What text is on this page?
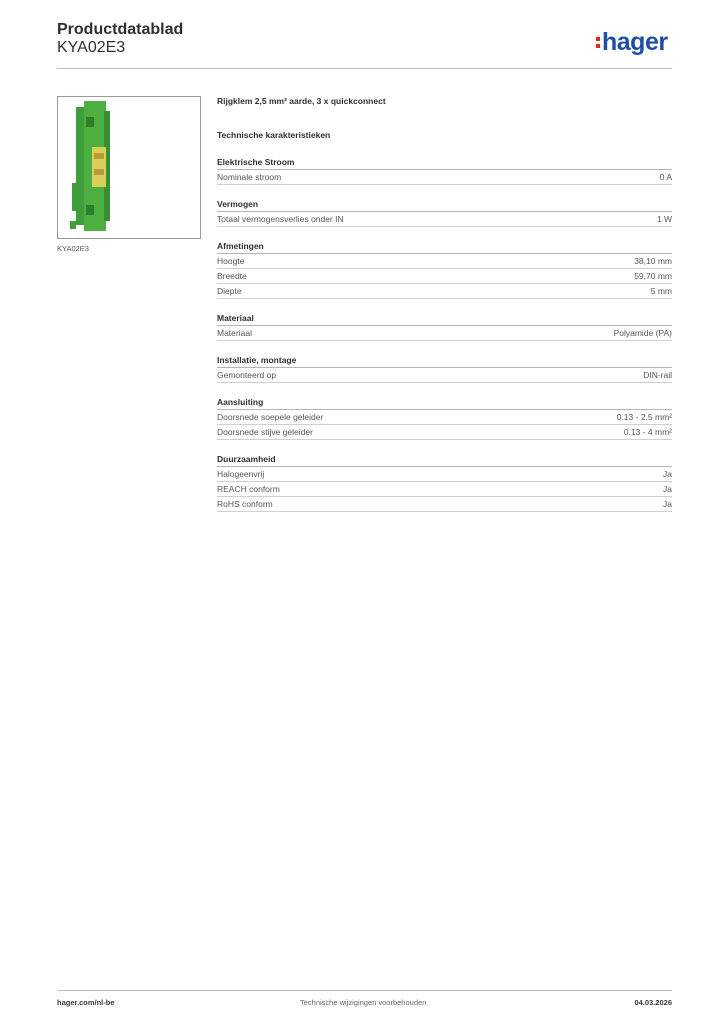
Productdatablad
KYA02E3	hager
KYA02E3
Rijgklem 2,5 mm² aarde, 3 x quickconnect
Technische karakteristieken
Elektrische Stroom
Nominale stroom	0 A
Vermogen
Totaal vermogensverlies onder IN	1 W
Afmetingen
Hoogte	38,10 mm
Breedte	59,70 mm
Diepte	5 mm
Materiaal
Materiaal	Polyamide (PA)
Installatie, montage
Gemonteerd op	DIN-rail
Aansluiting
Doorsnede soepele geleider	0.13 - 2.5 mm²
Doorsnede stijve geleider	0.13 - 4 mm²
Duurzaamheid
Halogeenvrij	Ja
REACH conform	Ja
RoHS conform	Ja
hager.com/nl-be	Technische wijzigingen voorbehouden	04.03.2026
